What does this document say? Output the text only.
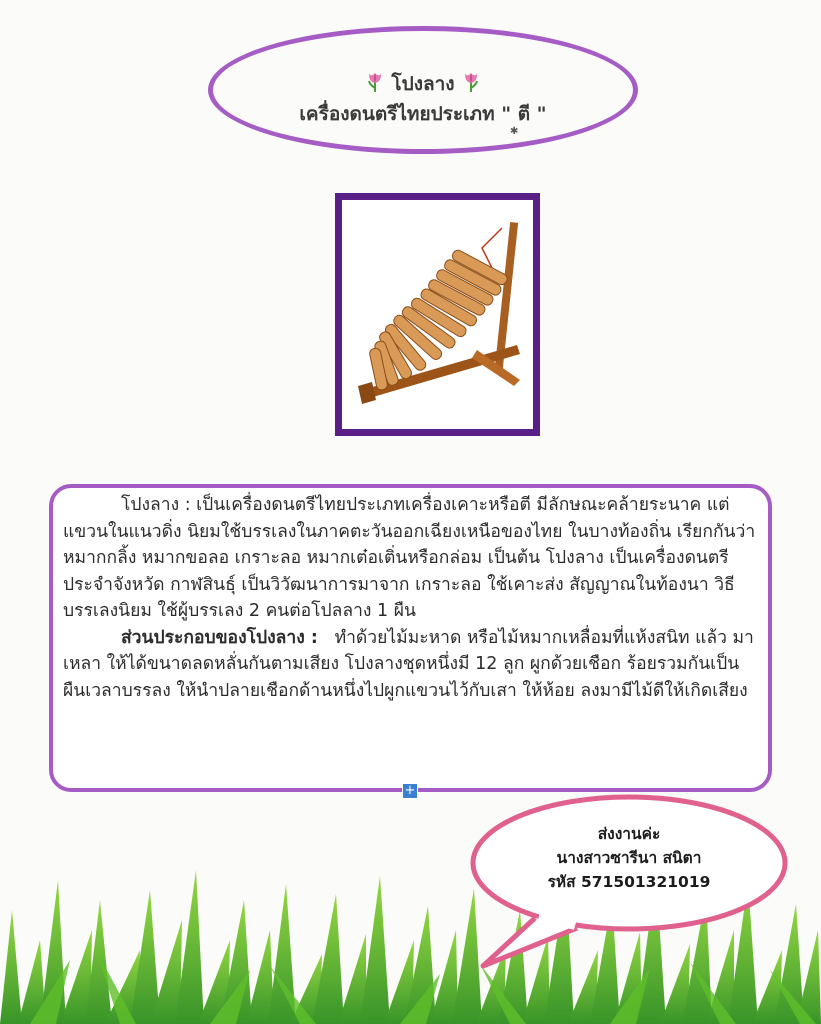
โปงลาง
เครื่องดนตรีไทยประเภท " ตี "
✱

โปงลาง : เป็นเครื่องดนตรีไทยประเภทเครื่องเคาะหรือตี มีลักษณะคล้ายระนาค แต่แขวนในแนวดิ่ง นิยมใช้บรรเลงในภาคตะวันออกเฉียงเหนือของไทย ในบางท้องถิ่น เรียกกันว่า หมากกลิ้ง หมากขอลอ เกราะลอ หมากเต๋อเติ่นหรือกล่อม เป็นต้น โปงลาง เป็นเครื่องดนตรีประจำจังหวัด กาฬสินธุ์ เป็นวิวัฒนาการมาจาก เกราะลอ ใช้เคาะส่ง สัญญาณในท้องนา วิธีบรรเลงนิยม ใช้ผู้บรรเลง 2 คนต่อโปลลาง 1 ผืน

ส่วนประกอบของโปงลาง : ทำด้วยไม้มะหาด หรือไม้หมากเหลื่อมที่แห้งสนิท แล้ว มาเหลา ให้ได้ขนาดลดหลั่นกันตามเสียง โปงลางชุดหนึ่งมี 12 ลูก ผูกด้วยเชือก ร้อยรวมกันเป็นผืนเวลาบรรลง ให้นำปลายเชือกด้านหนึ่งไปผูกแขวนไว้กับเสา ให้ห้อย ลงมามีไม้ดีให้เกิดเสียง

+
ส่งงานค่ะ
นางสาวซารีนา สนิตา
รหัส 571501321019
